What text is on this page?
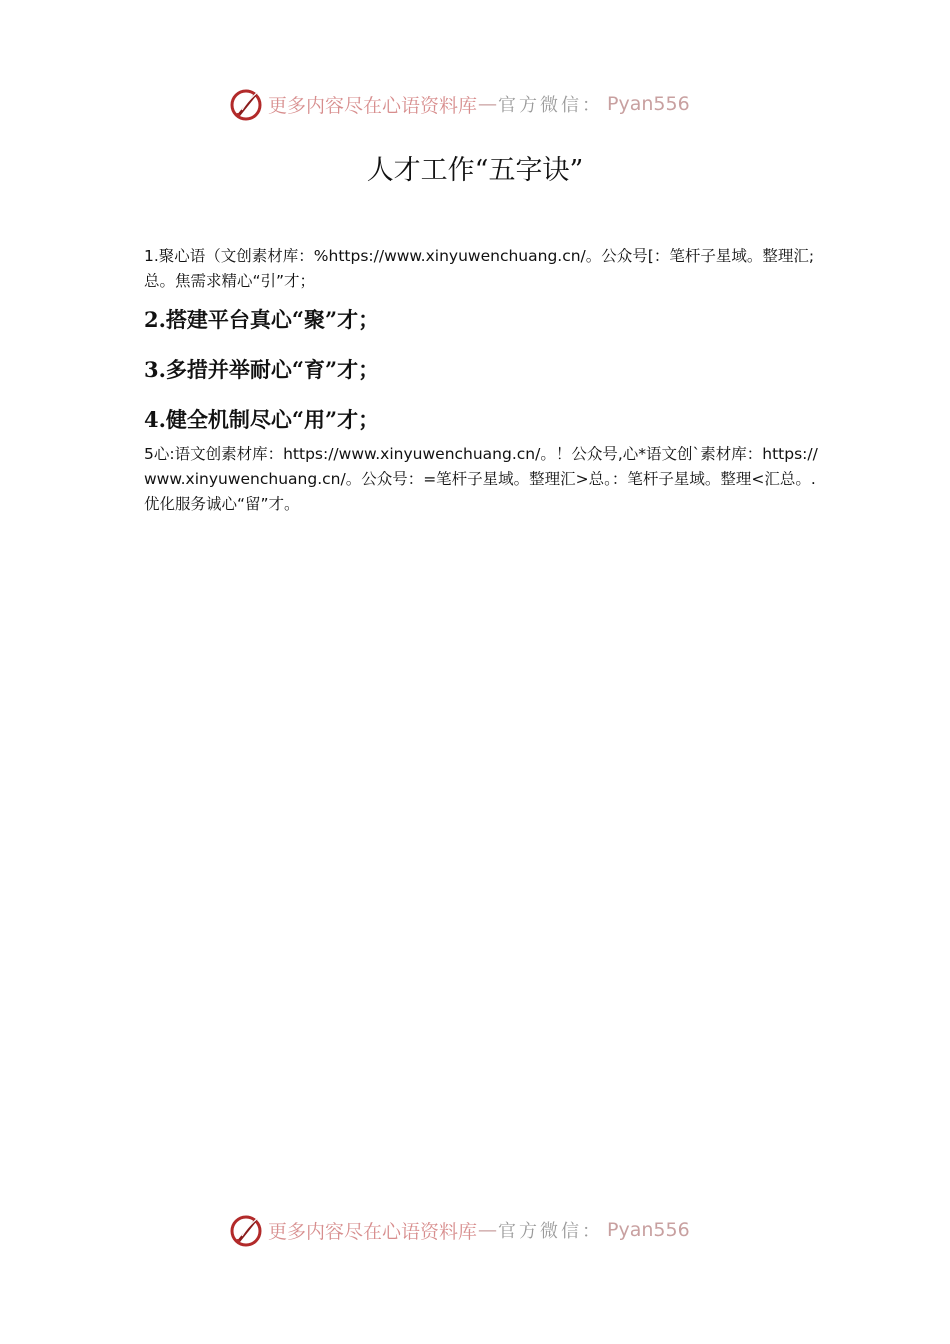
更多内容尽在心语资料库 — 官方微信： Pyan556
人才工作“五字诀”

1.聚心语（文创素材库：%https://www.xinyuwenchuang.cn/。公众号[：笔杆子星域。整理汇;总。焦需求精心“引”才；

2.搭建平台真心“聚”才；

3.多措并举耐心“育”才；

4.健全机制尽心“用”才；

5心:语文创素材库：https://www.xinyuwenchuang.cn/。！公众号,心*语文创`素材库：https://www.xinyuwenchuang.cn/。公众号：=笔杆子星域。整理汇>总。：笔杆子星域。整理<汇总。.优化服务诚心“留”才。

更多内容尽在心语资料库 — 官方微信： Pyan556
